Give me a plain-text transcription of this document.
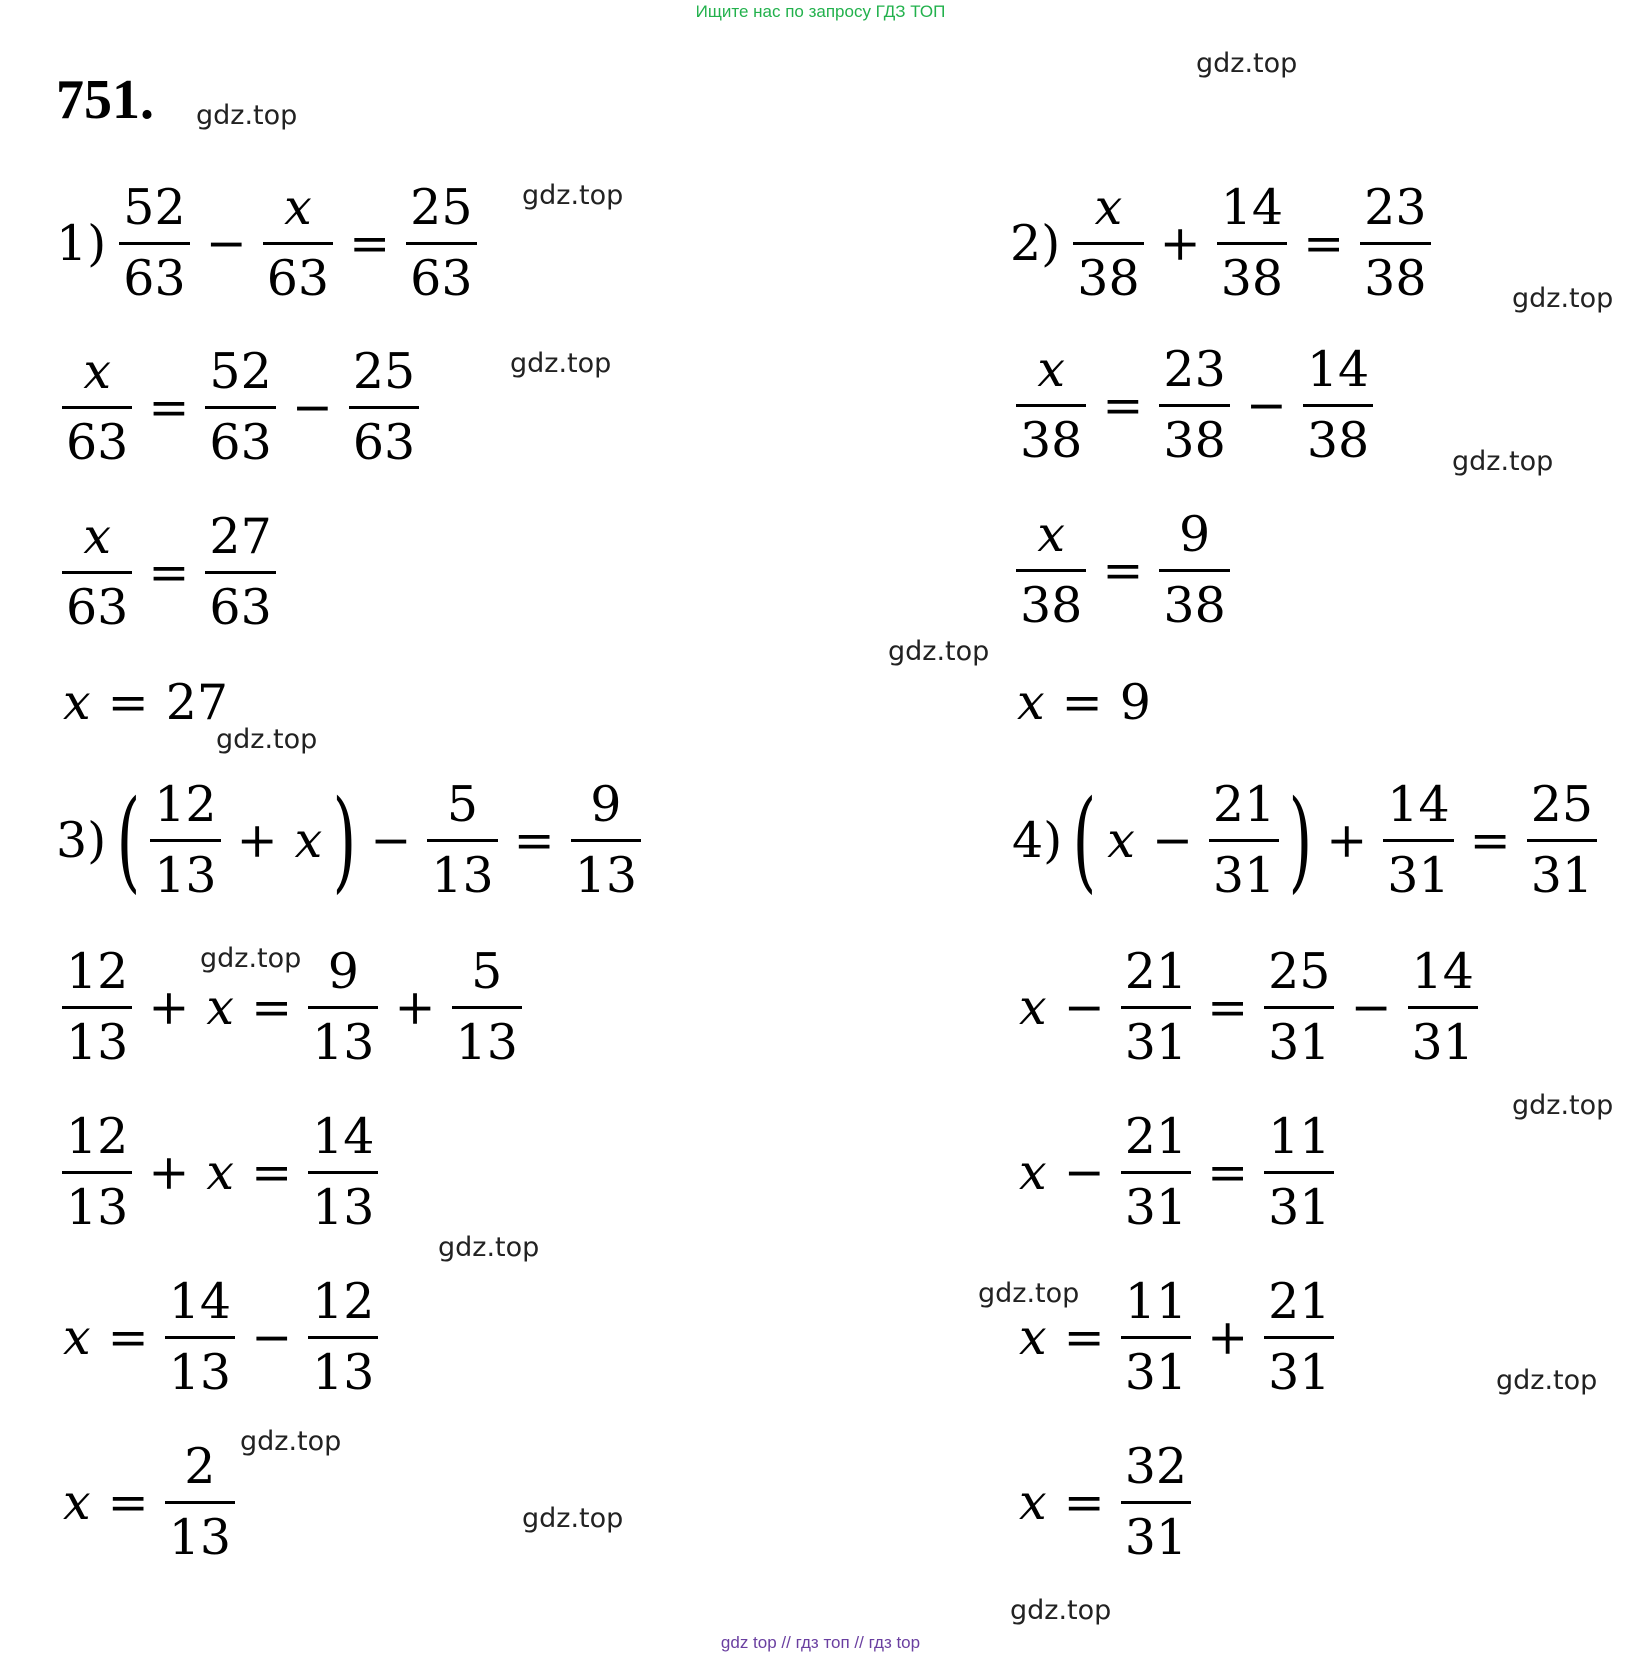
Ищите нас по запросу ГДЗ ТОП
751.
gdz.top
gdz.top
gdz.top
gdz.top
gdz.top
gdz.top
gdz.top
gdz.top
gdz.top
gdz.top
gdz.top
gdz.top
gdz.top
gdz.top
gdz.top
gdz.top
$1) \frac{52}{63} - \frac{x}{63} = \frac{25}{63}$
$\frac{x}{63} = \frac{52}{63} - \frac{25}{63}$
$\frac{x}{63} = \frac{27}{63}$
x = 27
$2) \frac{x}{38} + \frac{14}{38} = \frac{23}{38}$
$\frac{x}{38} = \frac{23}{38} - \frac{14}{38}$
$\frac{x}{38} = \frac{9}{38}$
x = 9
3) ( $\frac{12}{13} + x$ ) − $\frac{5}{13} = \frac{9}{13}$
$\frac{12}{13} + x = \frac{9}{13} + \frac{5}{13}$
$\frac{12}{13} + x = \frac{14}{13}$
$x = \frac{14}{13} - \frac{12}{13}$
$x = \frac{2}{13}$
4) ( $x - \frac{21}{31}$ ) + $\frac{14}{31} = \frac{25}{31}$
$x - \frac{21}{31} = \frac{25}{31} - \frac{14}{31}$
$x - \frac{21}{31} = \frac{11}{31}$
$x = \frac{11}{31} + \frac{21}{31}$
$x = \frac{32}{31}$
gdz top // гдз топ // гдз top
